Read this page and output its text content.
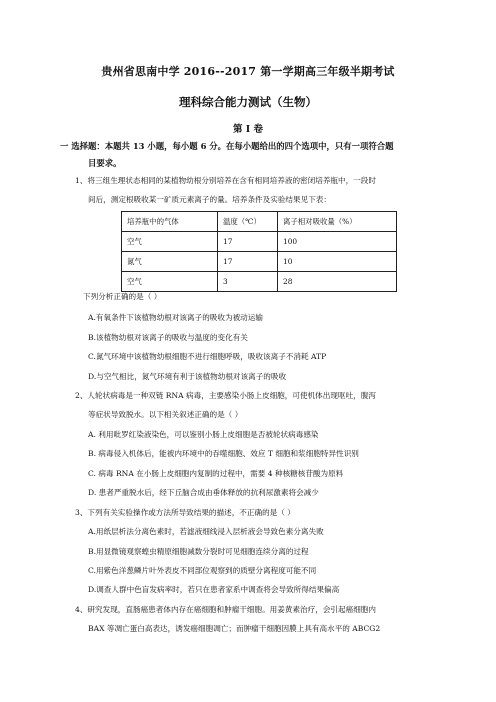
贵州省思南中学 2016--2017 第一学期高三年级半期考试
理科综合能力测试（生物）
第 I 卷
一 选择题：本题共 13 小题，每小题 6 分。在每小题给出的四个选项中，只有一项符合题
目要求。
1、将三组生理状态相同的某植物幼根分别培养在含有相同培养液的密闭培养瓶中，一段时
间后，测定根吸收某一矿质元素离子的量。培养条件及实验结果见下表：
培养瓶中的气体	温度（℃）	离子相对吸收量（%）
空气	17	100
氮气	17	10
空气	3	28
下列分析正确的是（ ）
A.有氧条件下该植物幼根对该离子的吸收为被动运输
B.该植物幼根对该离子的吸收与温度的变化有关
C.氮气环境中该植物幼根细胞不进行细胞呼吸，吸收该离子不消耗 ATP
D.与空气相比，氮气环境有利于该植物幼根对该离子的吸收
2、人轮状病毒是一种双链 RNA 病毒，主要感染小肠上皮细胞，可使机体出现呕吐，腹泻
等症状导致脱水。以下相关叙述正确的是（ ）
A. 利用吡罗红染液染色，可以鉴别小肠上皮细胞是否被轮状病毒感染
B. 病毒侵入机体后，能被内环境中的吞噬细胞、效应 T 细胞和浆细胞特异性识别
C. 病毒 RNA 在小肠上皮细胞内复制的过程中，需要 4 种核糖核苷酸为原料
D. 患者严重脱水后，经下丘脑合成由垂体释放的抗利尿激素将会减少
3、下列有关实验操作或方法所导致结果的描述，不正确的是（ ）
A.用纸层析法分离色素时，若滤液细线浸入层析液会导致色素分离失败
B.用显微镜观察蝗虫精原细胞减数分裂时可见细胞连续分离的过程
C.用紫色洋葱鳞片叶外表皮不同部位观察到的质壁分离程度可能不同
D.调查人群中色盲发病率时，若只在患者家系中调查将会导致所得结果偏高
4、研究发现，直肠癌患者体内存在癌细胞和肿瘤干细胞。用姜黄素治疗，会引起癌细胞内
BAX 等凋亡蛋白高表达，诱发癌细胞凋亡；而肿瘤干细胞因膜上具有高水平的 ABCG2
